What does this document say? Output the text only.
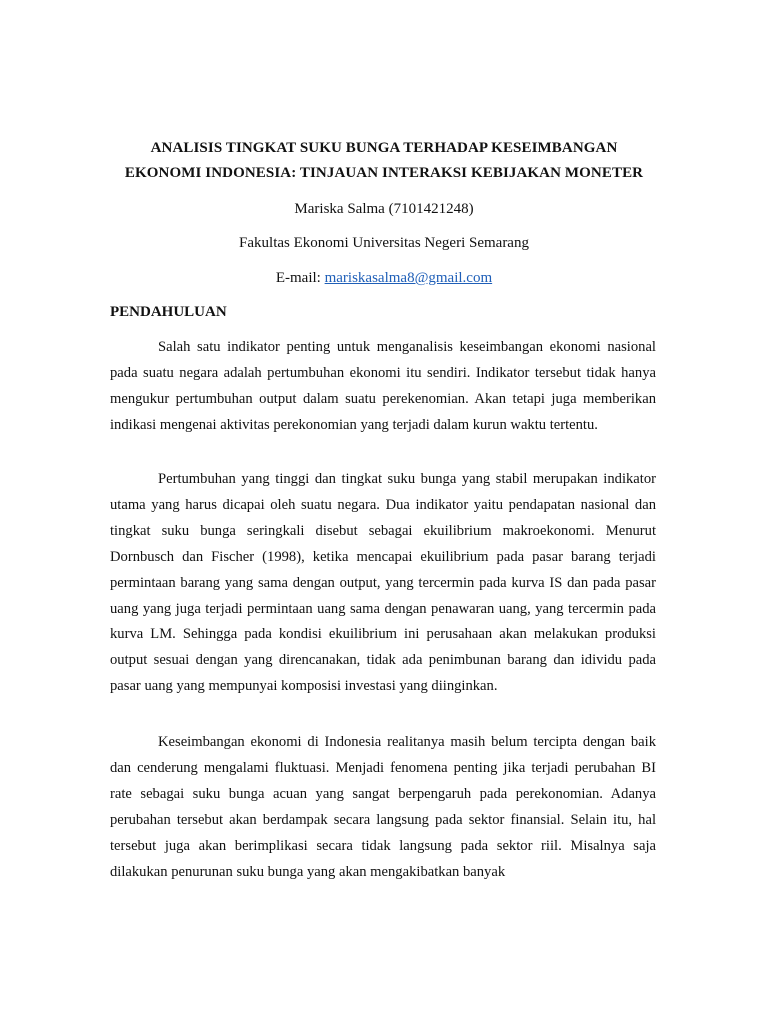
ANALISIS TINGKAT SUKU BUNGA TERHADAP KESEIMBANGAN

EKONOMI INDONESIA: TINJAUAN INTERAKSI KEBIJAKAN MONETER

Mariska Salma (7101421248)

Fakultas Ekonomi Universitas Negeri Semarang

E-mail: mariskasalma8@gmail.com

PENDAHULUAN

Salah satu indikator penting untuk menganalisis keseimbangan ekonomi nasional pada suatu negara adalah pertumbuhan ekonomi itu sendiri. Indikator tersebut tidak hanya mengukur pertumbuhan output dalam suatu perekenomian. Akan tetapi juga memberikan indikasi mengenai aktivitas perekonomian yang terjadi dalam kurun waktu tertentu.

Pertumbuhan yang tinggi dan tingkat suku bunga yang stabil merupakan indikator utama yang harus dicapai oleh suatu negara. Dua indikator yaitu pendapatan nasional dan tingkat suku bunga seringkali disebut sebagai ekuilibrium makroekonomi. Menurut Dornbusch dan Fischer (1998), ketika mencapai ekuilibrium pada pasar barang terjadi permintaan barang yang sama dengan output, yang tercermin pada kurva IS dan pada pasar uang yang juga terjadi permintaan uang sama dengan penawaran uang, yang tercermin pada kurva LM. Sehingga pada kondisi ekuilibrium ini perusahaan akan melakukan produksi output sesuai dengan yang direncanakan, tidak ada penimbunan barang dan idividu pada pasar uang yang mempunyai komposisi investasi yang diinginkan.

Keseimbangan ekonomi di Indonesia realitanya masih belum tercipta dengan baik dan cenderung mengalami fluktuasi. Menjadi fenomena penting jika terjadi perubahan BI rate sebagai suku bunga acuan yang sangat berpengaruh pada perekonomian. Adanya perubahan tersebut akan berdampak secara langsung pada sektor finansial. Selain itu, hal tersebut juga akan berimplikasi secara tidak langsung pada sektor riil. Misalnya saja dilakukan penurunan suku bunga yang akan mengakibatkan banyak
